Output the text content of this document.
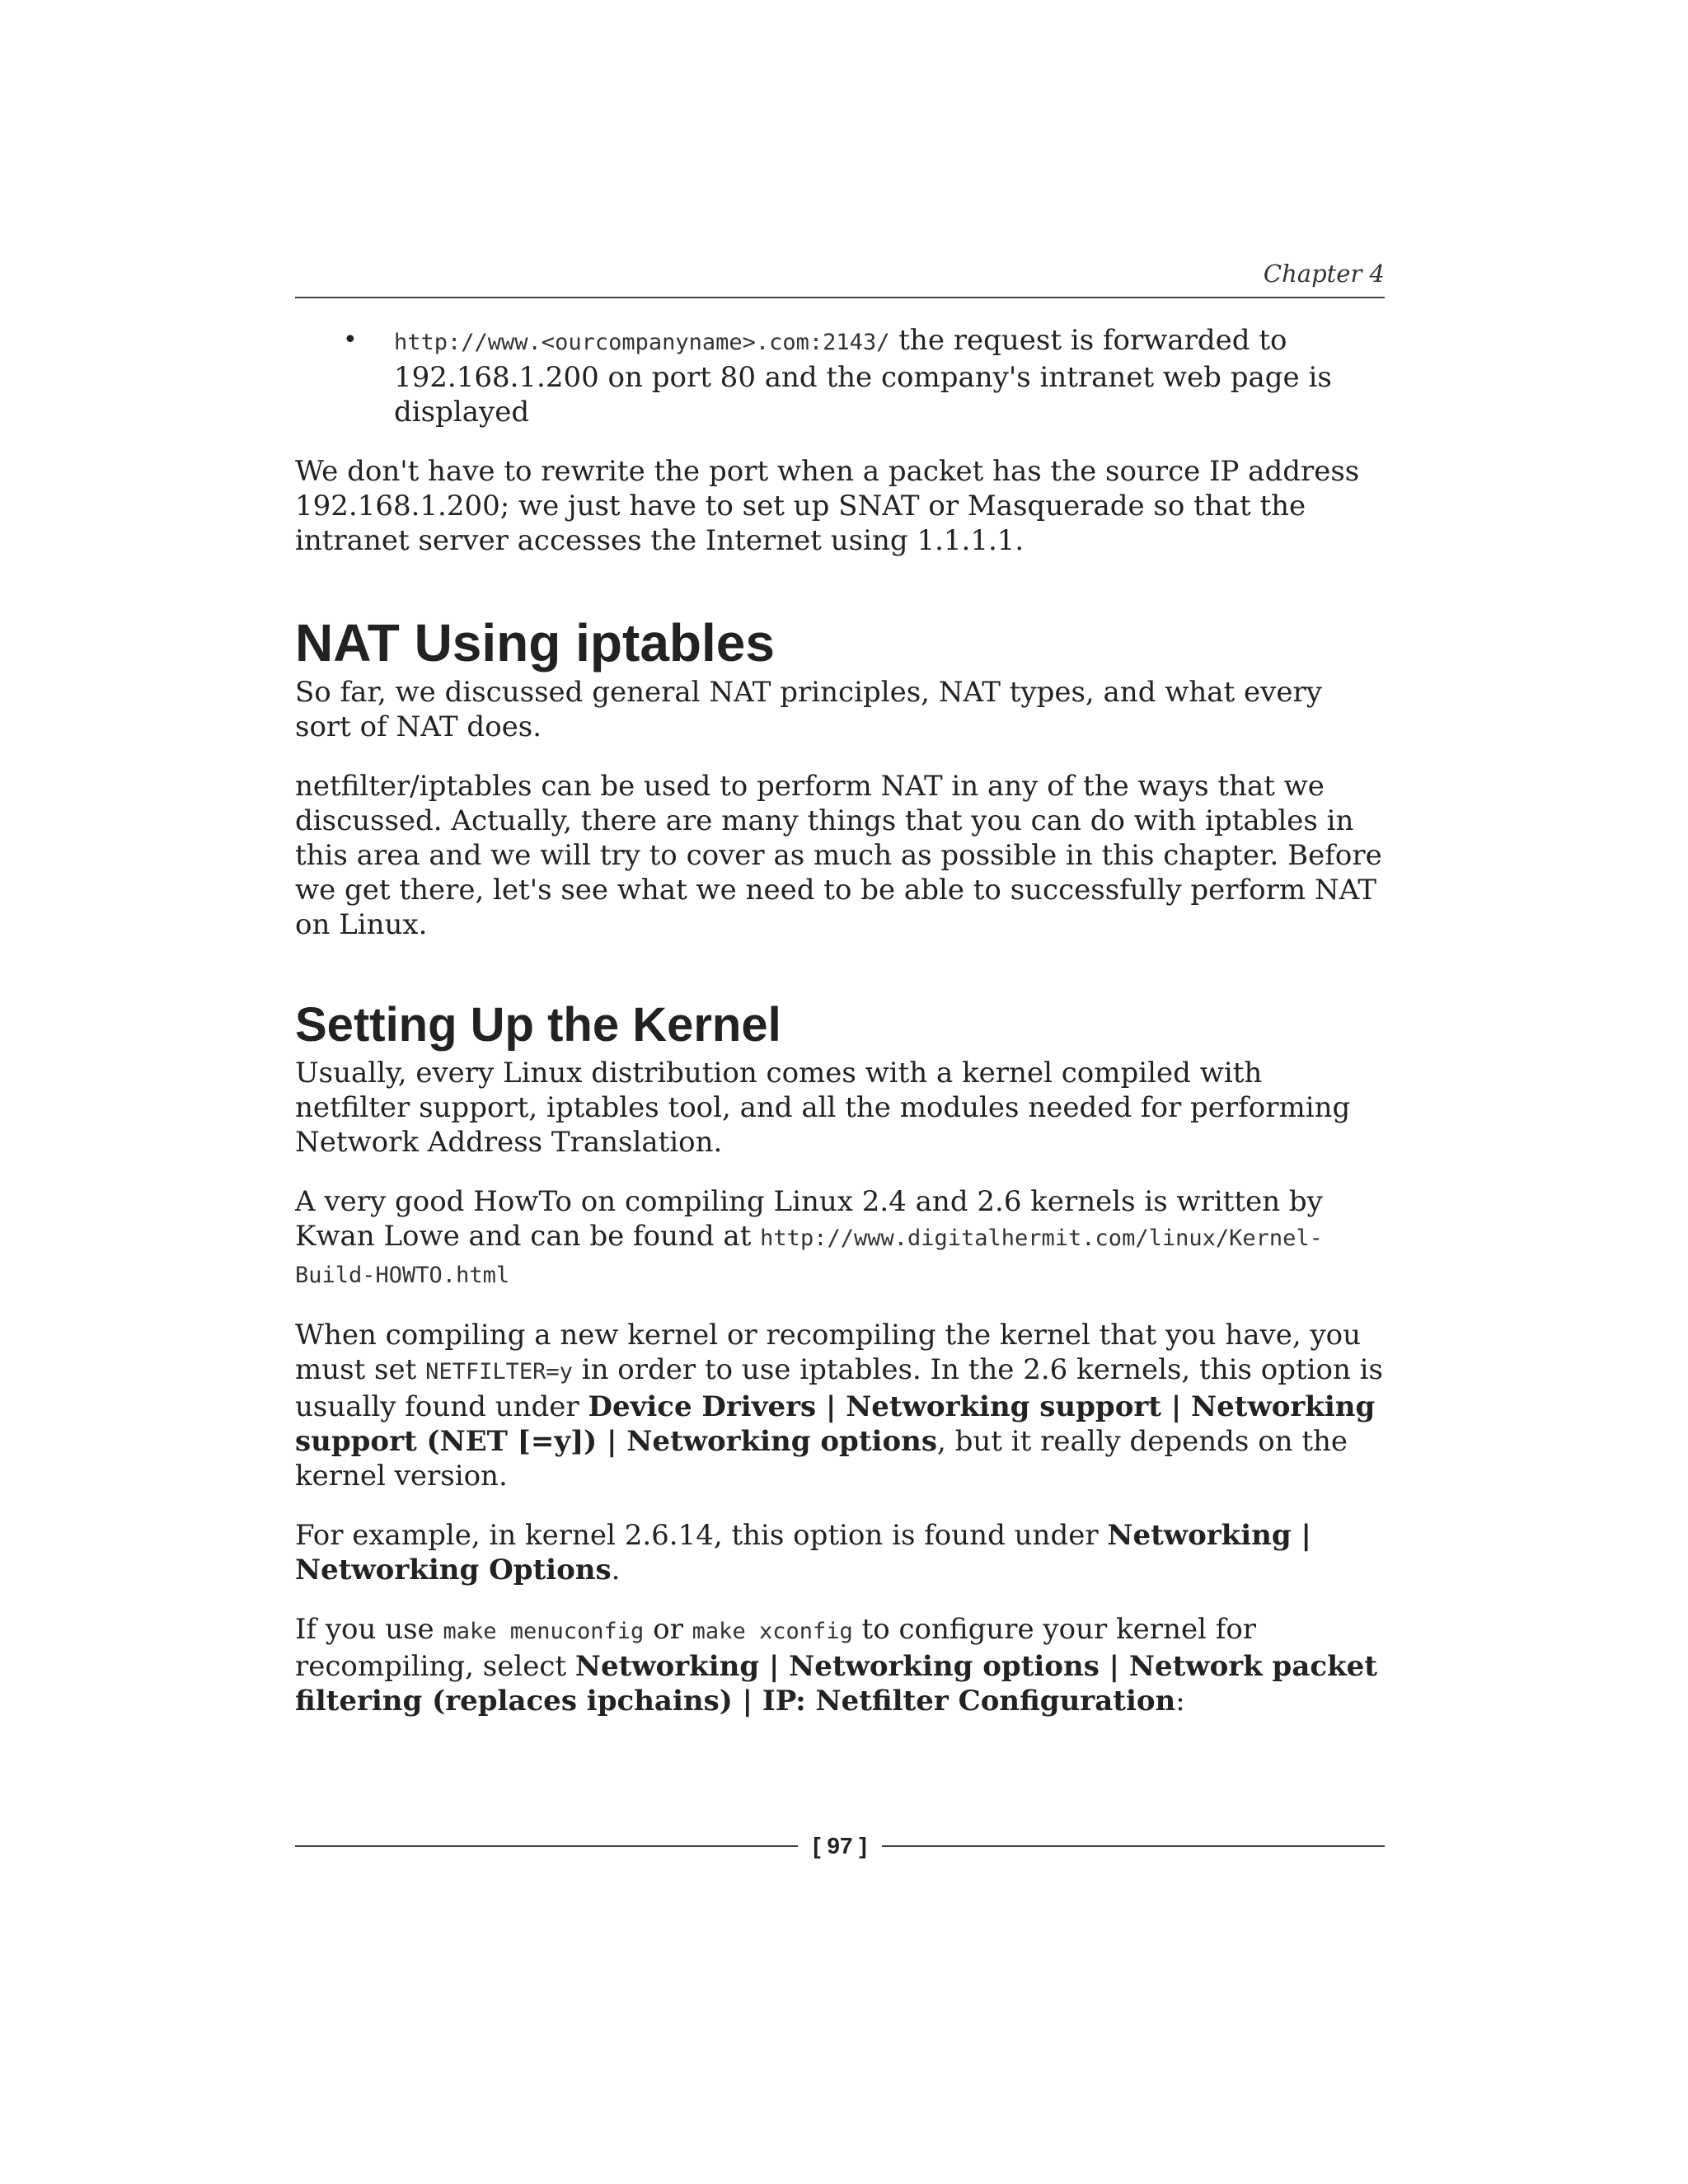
Chapter 4

• http://www.<ourcompanyname>.com:2143/ the request is forwarded to 192.168.1.200 on port 80 and the company's intranet web page is displayed

We don't have to rewrite the port when a packet has the source IP address 192.168.1.200; we just have to set up SNAT or Masquerade so that the intranet server accesses the Internet using 1.1.1.1.

NAT Using iptables

So far, we discussed general NAT principles, NAT types, and what every sort of NAT does.

netfilter/iptables can be used to perform NAT in any of the ways that we discussed. Actually, there are many things that you can do with iptables in this area and we will try to cover as much as possible in this chapter. Before we get there, let's see what we need to be able to successfully perform NAT on Linux.

Setting Up the Kernel

Usually, every Linux distribution comes with a kernel compiled with netfilter support, iptables tool, and all the modules needed for performing Network Address Translation.

A very good HowTo on compiling Linux 2.4 and 2.6 kernels is written by Kwan Lowe and can be found at http://www.digitalhermit.com/linux/Kernel-Build-HOWTO.html

When compiling a new kernel or recompiling the kernel that you have, you must set NETFILTER=y in order to use iptables. In the 2.6 kernels, this option is usually found under Device Drivers | Networking support | Networking support (NET [=y]) | Networking options, but it really depends on the kernel version.

For example, in kernel 2.6.14, this option is found under Networking | Networking Options.

If you use make menuconfig or make xconfig to configure your kernel for recompiling, select Networking | Networking options | Network packet filtering (replaces ipchains) | IP: Netfilter Configuration:

[ 97 ]
